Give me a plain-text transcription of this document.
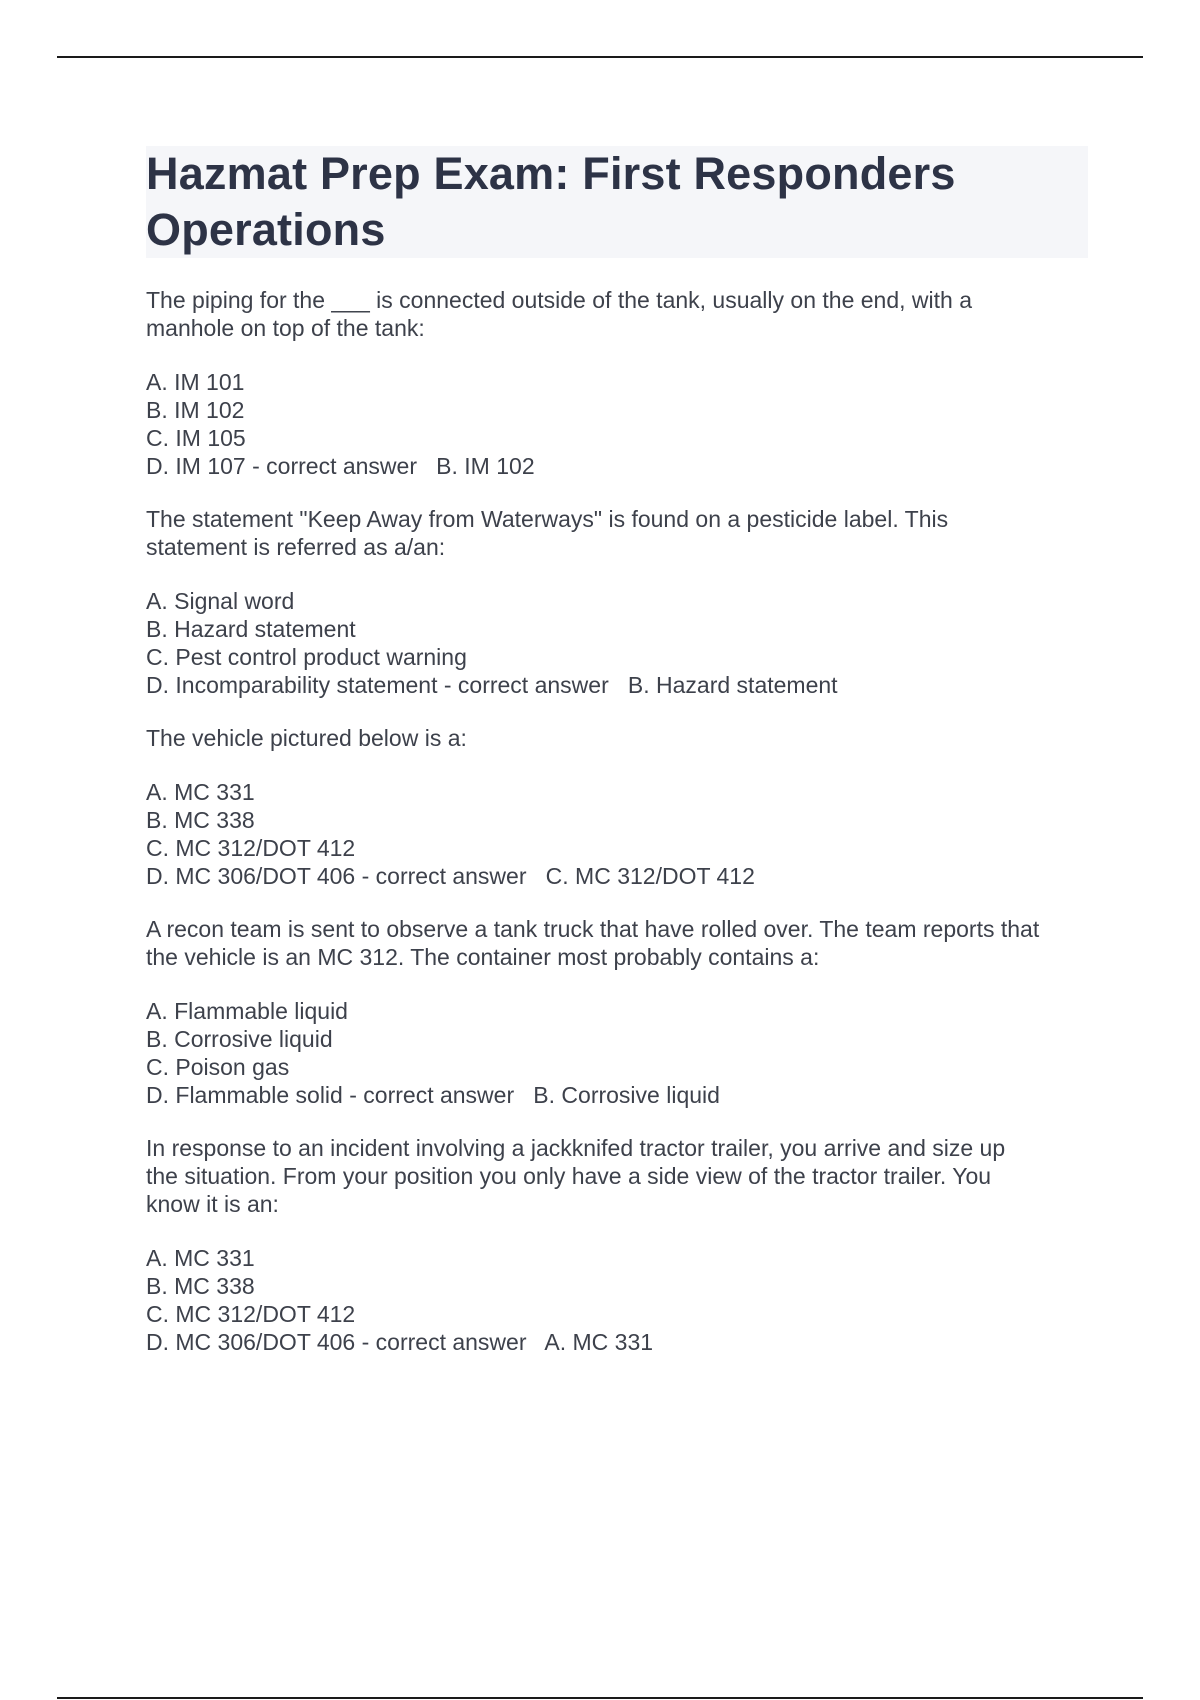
Hazmat Prep Exam: First Responders
Operations

The piping for the ___ is connected outside of the tank, usually on the end, with a
manhole on top of the tank:

A. IM 101
B. IM 102
C. IM 105
D. IM 107 - correct answer B. IM 102

The statement "Keep Away from Waterways" is found on a pesticide label. This
statement is referred as a/an:

A. Signal word
B. Hazard statement
C. Pest control product warning
D. Incomparability statement - correct answer B. Hazard statement

The vehicle pictured below is a:

A. MC 331
B. MC 338
C. MC 312/DOT 412
D. MC 306/DOT 406 - correct answer C. MC 312/DOT 412

A recon team is sent to observe a tank truck that have rolled over. The team reports that
the vehicle is an MC 312. The container most probably contains a:

A. Flammable liquid
B. Corrosive liquid
C. Poison gas
D. Flammable solid - correct answer B. Corrosive liquid

In response to an incident involving a jackknifed tractor trailer, you arrive and size up
the situation. From your position you only have a side view of the tractor trailer. You
know it is an:

A. MC 331
B. MC 338
C. MC 312/DOT 412
D. MC 306/DOT 406 - correct answer A. MC 331
